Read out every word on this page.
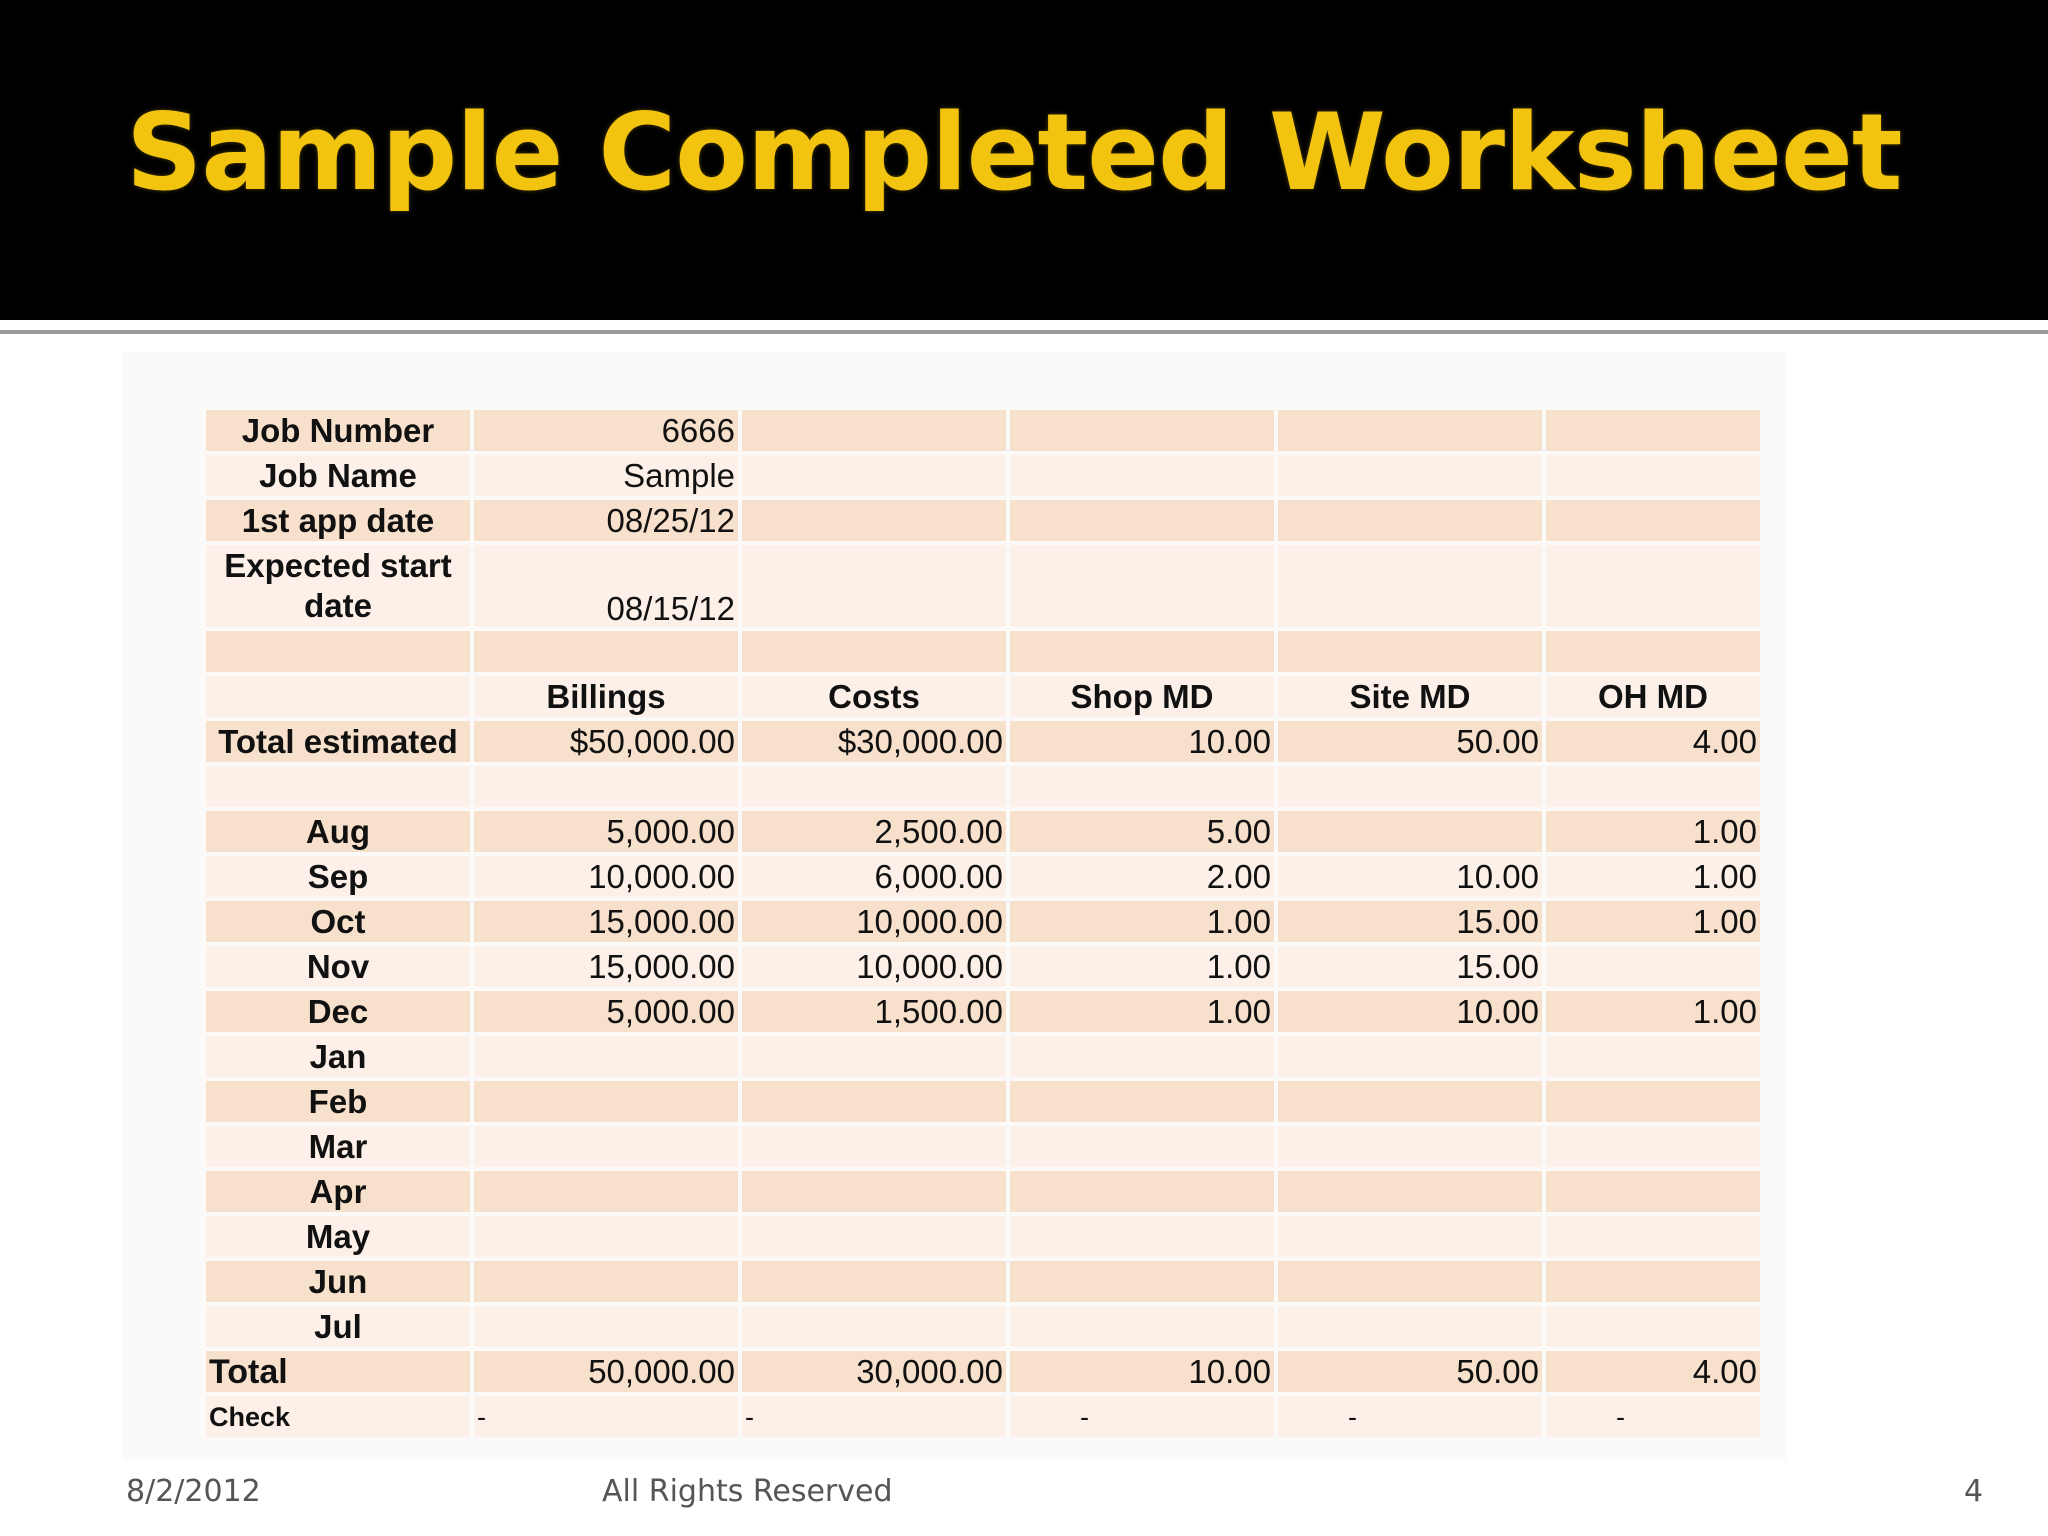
Sample Completed Worksheet
Job Number	6666				
Job Name	Sample				
1st app date	08/25/12				
Expected start date	08/15/12				

	Billings	Costs	Shop MD	Site MD	OH MD
Total estimated	$50,000.00	$30,000.00	10.00	50.00	4.00

Aug	5,000.00	2,500.00	5.00		1.00
Sep	10,000.00	6,000.00	2.00	10.00	1.00
Oct	15,000.00	10,000.00	1.00	15.00	1.00
Nov	15,000.00	10,000.00	1.00	15.00	
Dec	5,000.00	1,500.00	1.00	10.00	1.00
Jan					
Feb					
Mar					
Apr					
May					
Jun					
Jul					
Total	50,000.00	30,000.00	10.00	50.00	4.00
Check	-	-	-	-	-
8/2/2012	All Rights Reserved	4
